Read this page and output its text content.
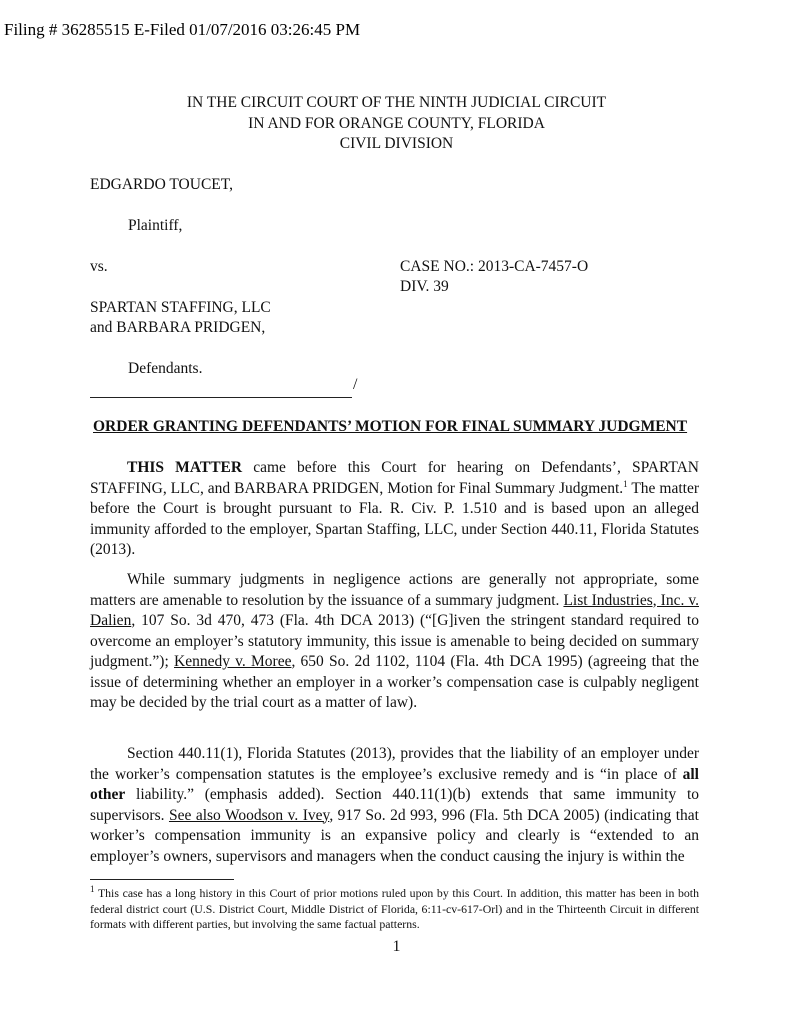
Filing # 36285515 E-Filed 01/07/2016 03:26:45 PM
IN THE CIRCUIT COURT OF THE NINTH JUDICIAL CIRCUIT
IN AND FOR ORANGE COUNTY, FLORIDA
CIVIL DIVISION
EDGARDO TOUCET,
Plaintiff,
vs.	CASE NO.: 2013-CA-7457-O
DIV. 39
SPARTAN STAFFING, LLC
and BARBARA PRIDGEN,
Defendants.
/
ORDER GRANTING DEFENDANTS’ MOTION FOR FINAL SUMMARY JUDGMENT
THIS MATTER came before this Court for hearing on Defendants’, SPARTAN STAFFING, LLC, and BARBARA PRIDGEN, Motion for Final Summary Judgment.$^1$ The matter before the Court is brought pursuant to Fla. R. Civ. P. 1.510 and is based upon an alleged immunity afforded to the employer, Spartan Staffing, LLC, under Section 440.11, Florida Statutes (2013).
While summary judgments in negligence actions are generally not appropriate, some matters are amenable to resolution by the issuance of a summary judgment. List Industries, Inc. v. Dalien, 107 So. 3d 470, 473 (Fla. 4th DCA 2013) (“[G]iven the stringent standard required to overcome an employer’s statutory immunity, this issue is amenable to being decided on summary judgment.”); Kennedy v. Moree, 650 So. 2d 1102, 1104 (Fla. 4th DCA 1995) (agreeing that the issue of determining whether an employer in a worker’s compensation case is culpably negligent may be decided by the trial court as a matter of law).
Section 440.11(1), Florida Statutes (2013), provides that the liability of an employer under the worker’s compensation statutes is the employee’s exclusive remedy and is “in place of all other liability.” (emphasis added). Section 440.11(1)(b) extends that same immunity to supervisors. See also Woodson v. Ivey, 917 So. 2d 993, 996 (Fla. 5th DCA 2005) (indicating that worker’s compensation immunity is an expansive policy and clearly is “extended to an employer’s owners, supervisors and managers when the conduct causing the injury is within the
$^1$ This case has a long history in this Court of prior motions ruled upon by this Court. In addition, this matter has been in both federal district court (U.S. District Court, Middle District of Florida, 6:11-cv-617-Orl) and in the Thirteenth Circuit in different formats with different parties, but involving the same factual patterns.
1
